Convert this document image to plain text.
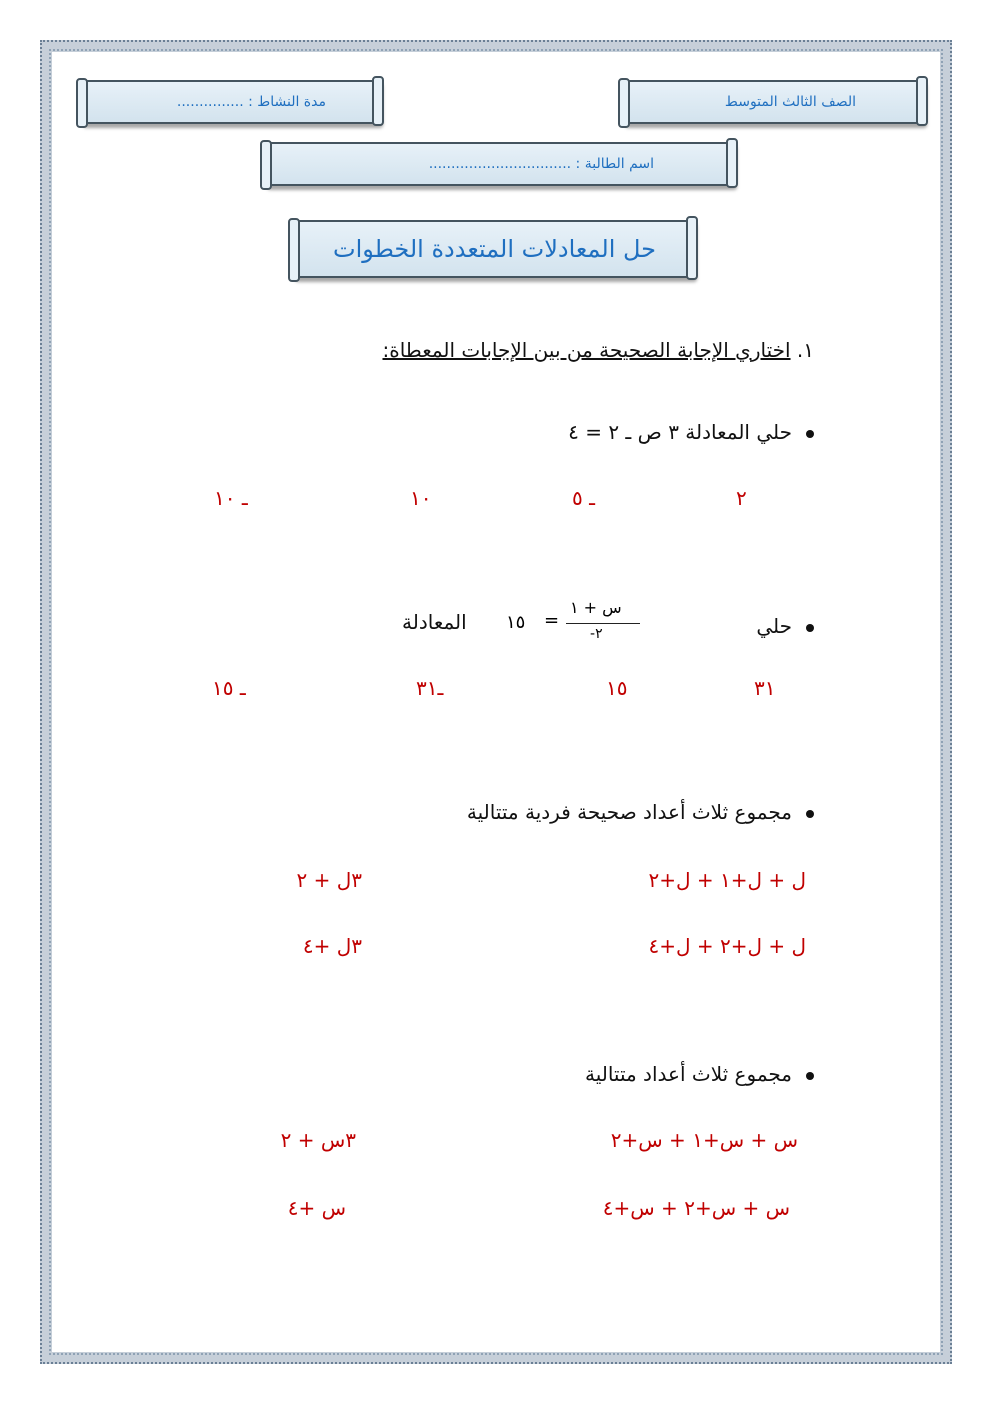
الصف الثالث المتوسط
مدة النشاط : ...............
اسم الطالبة : ................................
حل المعادلات المتعددة الخطوات
١. اختاري الإجابة الصحيحة من بين الإجابات المعطاة:
حلي المعادلة ٣ ص ـ ٢ = ٤
٢
ـ ٥
١٠
ـ ١٠
حلي
س + ١
٢-
=
١٥
المعادلة
٣١
١٥
ـ٣١
ـ ١٥
مجموع ثلاث أعداد صحيحة فردية متتالية
ل + ل+١ + ل+٢
٣ل + ٢
ل + ل+٢ + ل+٤
٣ل +٤
مجموع ثلاث أعداد متتالية
س + س+١ + س+٢
٣س + ٢
س + س+٢ + س+٤
س +٤
